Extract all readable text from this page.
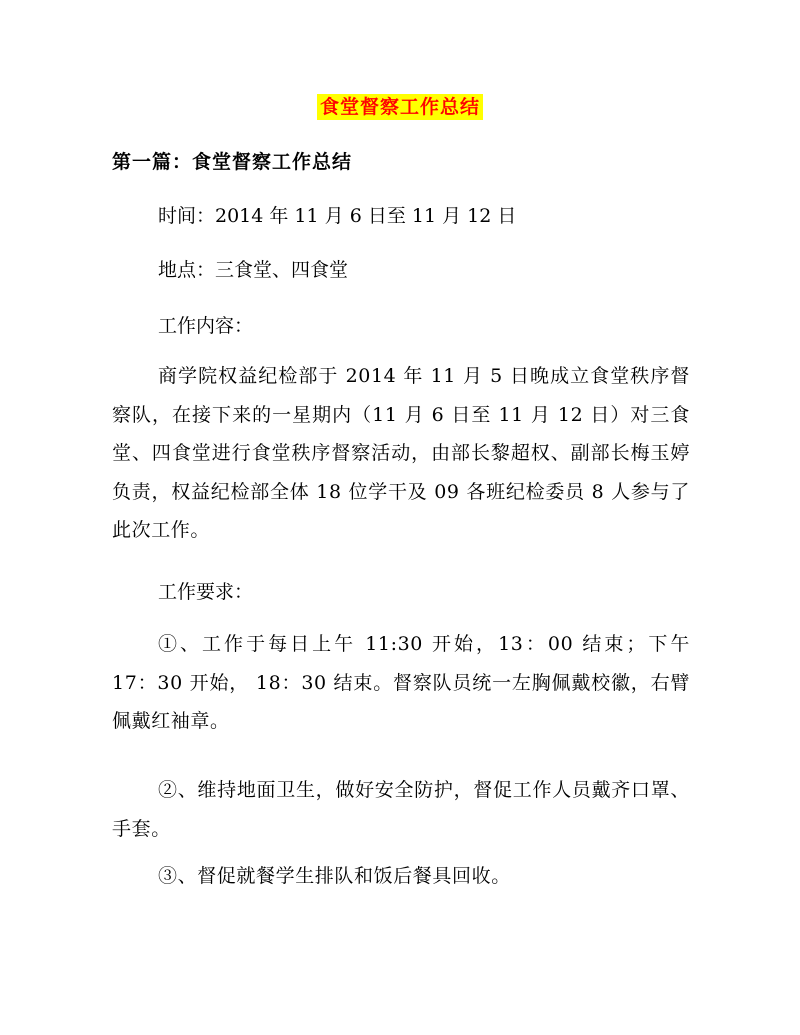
食堂督察工作总结
第一篇：食堂督察工作总结
时间：2014 年 11 月 6 日至 11 月 12 日
地点：三食堂、四食堂
工作内容：

商学院权益纪检部于 2014 年 11 月 5 日晚成立食堂秩序督察队，在接下来的一星期内（11 月 6 日至 11 月 12 日）对三食堂、四食堂进行食堂秩序督察活动，由部长黎超权、副部长梅玉婷负责，权益纪检部全体 18 位学干及 09 各班纪检委员 8 人参与了此次工作。

工作要求：

①、工作于每日上午 11:30 开始，13：00 结束；下午 17：30 开始， 18：30 结束。督察队员统一左胸佩戴校徽，右臂佩戴红袖章。

②、维持地面卫生，做好安全防护，督促工作人员戴齐口罩、手套。

③、督促就餐学生排队和饭后餐具回收。
